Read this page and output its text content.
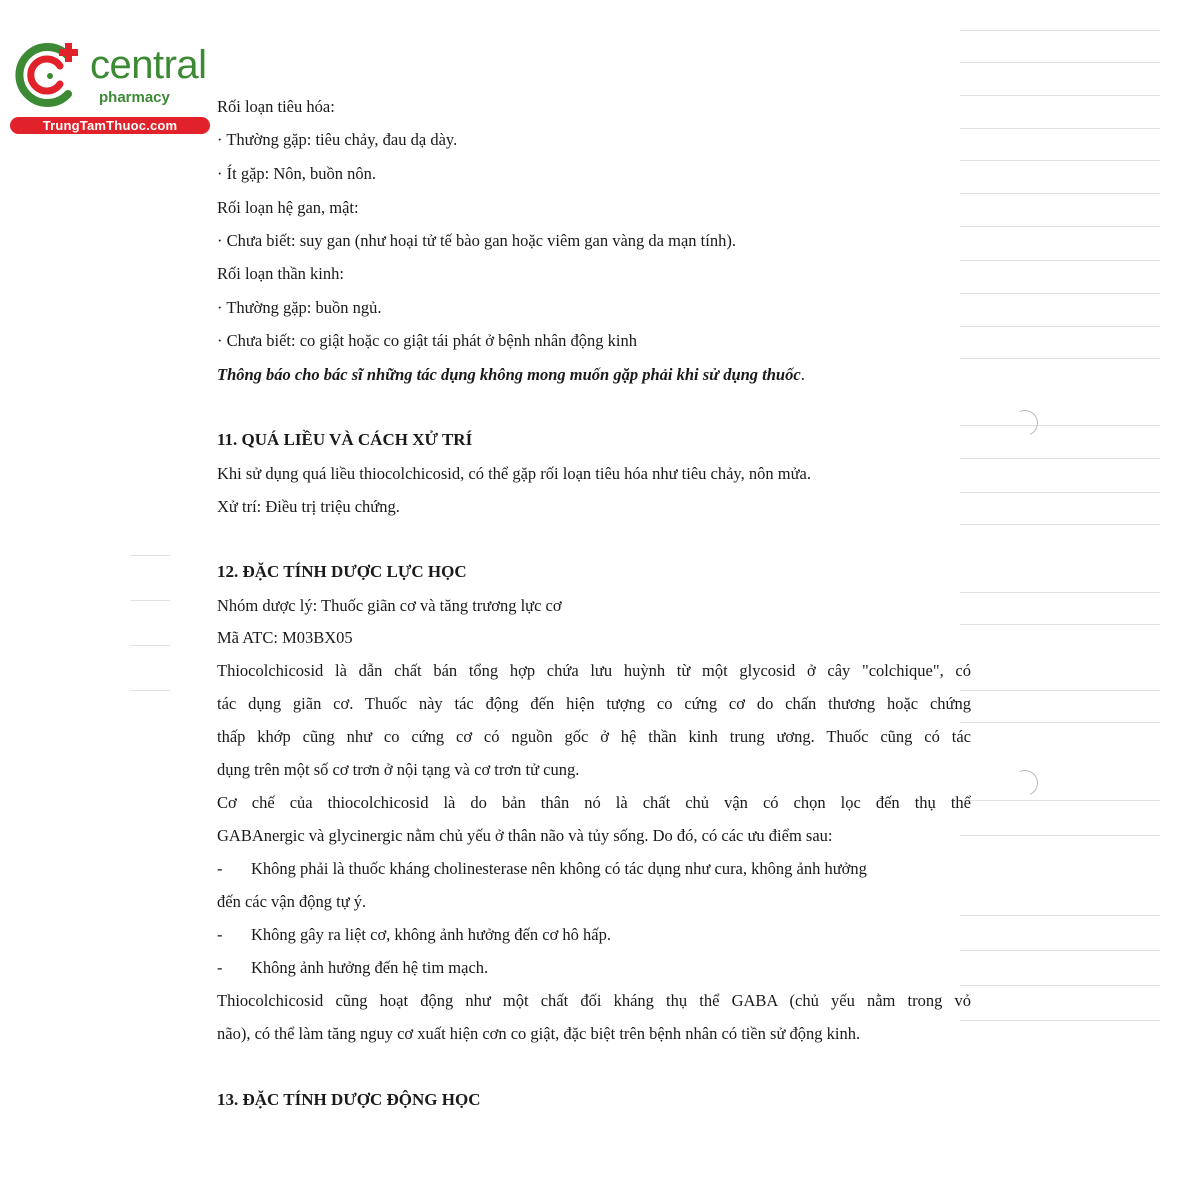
central
pharmacy
TrungTamThuoc.com
Rối loạn tiêu hóa:
· Thường gặp: tiêu chảy, đau dạ dày.
· Ít gặp: Nôn, buồn nôn.
Rối loạn hệ gan, mật:
· Chưa biết: suy gan (như hoại tử tế bào gan hoặc viêm gan vàng da mạn tính).
Rối loạn thần kinh:
· Thường gặp: buồn ngủ.
· Chưa biết: co giật hoặc co giật tái phát ở bệnh nhân động kinh
Thông báo cho bác sĩ những tác dụng không mong muốn gặp phải khi sử dụng thuốc.
11. QUÁ LIỀU VÀ CÁCH XỬ TRÍ
Khi sử dụng quá liều thiocolchicosid, có thể gặp rối loạn tiêu hóa như tiêu chảy, nôn mửa.
Xử trí: Điều trị triệu chứng.
12. ĐẶC TÍNH DƯỢC LỰC HỌC
Nhóm dược lý: Thuốc giãn cơ và tăng trương lực cơ
Mã ATC: M03BX05
Thiocolchicosid là dẫn chất bán tổng hợp chứa lưu huỳnh từ một glycosid ở cây "colchique", có
tác dụng giãn cơ. Thuốc này tác động đến hiện tượng co cứng cơ do chấn thương hoặc chứng
thấp khớp cũng như co cứng cơ có nguồn gốc ở hệ thần kinh trung ương. Thuốc cũng có tác
dụng trên một số cơ trơn ở nội tạng và cơ trơn tử cung.
Cơ chế của thiocolchicosid là do bản thân nó là chất chủ vận có chọn lọc đến thụ thể
GABAnergic và glycinergic nằm chủ yếu ở thân não và tủy sống. Do đó, có các ưu điểm sau:
- Không phải là thuốc kháng cholinesterase nên không có tác dụng như cura, không ảnh hưởng
đến các vận động tự ý.
- Không gây ra liệt cơ, không ảnh hưởng đến cơ hô hấp.
- Không ảnh hưởng đến hệ tim mạch.
Thiocolchicosid cũng hoạt động như một chất đối kháng thụ thể GABA (chủ yếu nằm trong vỏ
não), có thể làm tăng nguy cơ xuất hiện cơn co giật, đặc biệt trên bệnh nhân có tiền sử động kinh.
13. ĐẶC TÍNH DƯỢC ĐỘNG HỌC
